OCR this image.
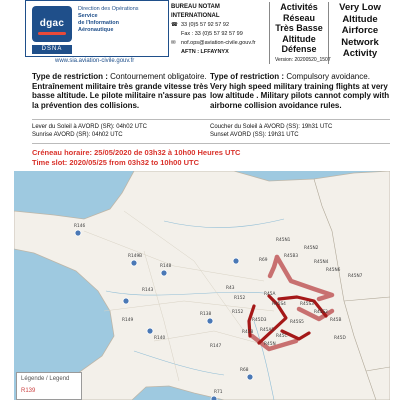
dgac
DSNA
Direction des Opérations
Service
de l'Information
Aéronautique
www.sia.aviation-civile.gouv.fr
BUREAU NOTAM INTERNATIONAL
☎ 33 (0)5 57 92 57 92
Fax : 33 (0)5 57 92 57 99
✉ nof.ops@aviation-civile.gouv.fr
AFTN : LFFAYNYX
Activités
Réseau
Très Basse
Altitude
Défense
Very Low
Altitude
Airforce
Network
Activity
Version: 20200520_1507
Type de restriction : Contournement obligatoire.
Entraînement militaire très grande vitesse très basse altitude. Le pilote militaire n'assure pas la prévention des collisions.
Type of restriction : Compulsory avoidance.
Very high speed military training flights at very low altitude . Military pilots cannot comply with airborne collision avoidance rules.
Lever du Soleil à AVORD (SR): 04h02 UTC
Sunrise AVORD (SR): 04h02 UTC
Coucher du Soleil à AVORD (SS): 19h31 UTC
Sunset AVORD (SS): 19h31 UTC
Créneau horaire: 25/05/2020 de 03h32 à 10h00 Heures UTC
Time slot: 2020/05/25 from 03h32 to 10h00 UTC
R45N1
R45N2
R45B3
R45N4
R45N6
R45N7
R69
R45A
R45S4	R45S3
R45S2
R45S5
R152
R45D3
R45A5
R45C
R45N
R146
R149B
R143
R148
R149
R138
R140
R147
R68
R71
R152
R43
R438
R45B
R45D
Légende / Legend
R139
